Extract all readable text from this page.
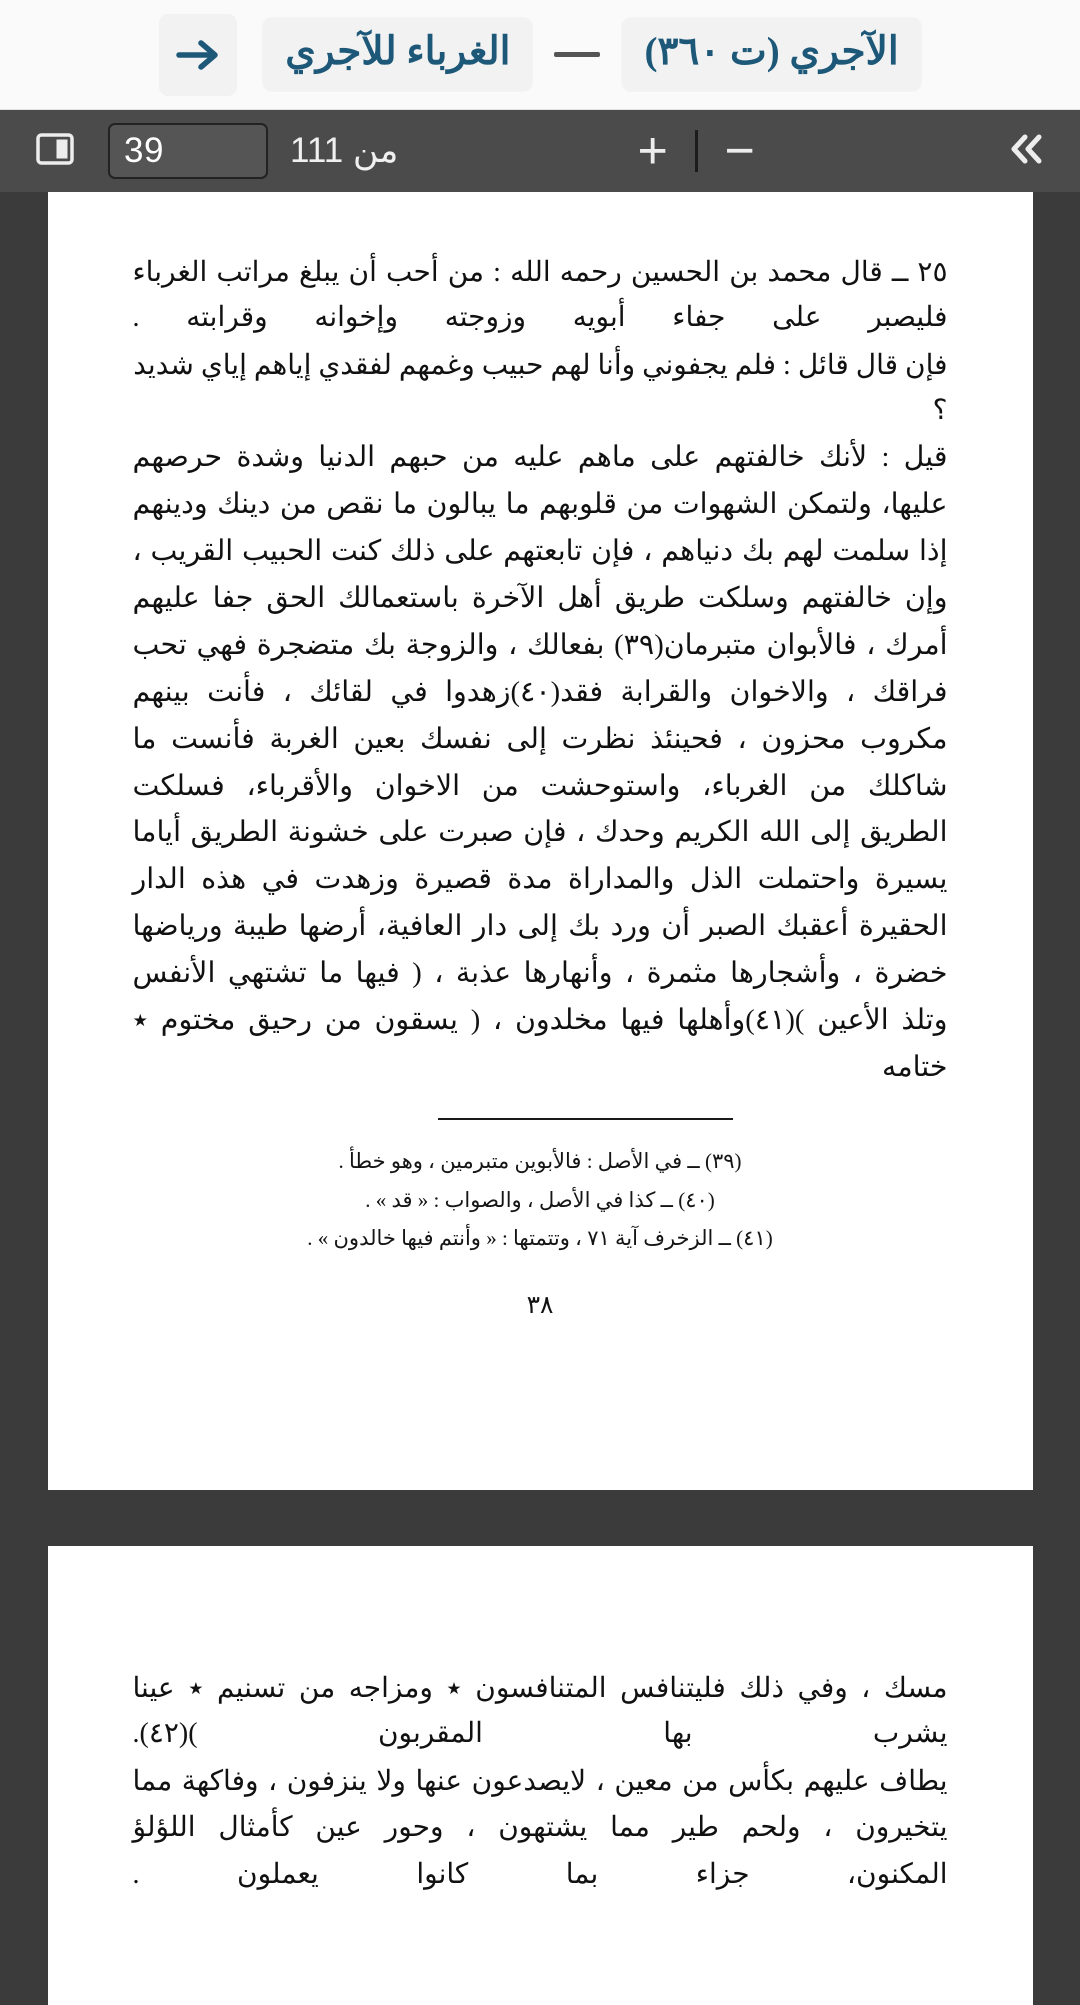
الآجري (ت ٣٦٠)
الغرباء للآجري
39	من 111	+ −
٢٥ ــ قال محمد بن الحسين رحمه الله : من أحب أن يبلغ مراتب الغرباء فليصبر على جفاء أبويه وزوجته وإخوانه وقرابته .
فإن قال قائل : فلم يجفوني وأنا لهم حبيب وغمهم لفقدي إياهم إياي شديد ؟
قيل : لأنك خالفتهم على ماهم عليه من حبهم الدنيا وشدة حرصهم عليها، ولتمكن الشهوات من قلوبهم ما يبالون ما نقص من دينك ودينهم إذا سلمت لهم بك دنياهم ، فإن تابعتهم على ذلك كنت الحبيب القريب ، وإن خالفتهم وسلكت طريق أهل الآخرة باستعمالك الحق جفا عليهم أمرك ، فالأبوان متبرمان(٣٩) بفعالك ، والزوجة بك متضجرة فهي تحب فراقك ، والاخوان والقرابة فقد(٤٠)زهدوا في لقائك ، فأنت بينهم مكروب محزون ، فحينئذ نظرت إلى نفسك بعين الغربة فأنست ما شاكلك من الغرباء، واستوحشت من الاخوان والأقرباء، فسلكت الطريق إلى الله الكريم وحدك ، فإن صبرت على خشونة الطريق أياما يسيرة واحتملت الذل والمداراة مدة قصيرة وزهدت في هذه الدار الحقيرة أعقبك الصبر أن ورد بك إلى دار العافية، أرضها طيبة ورياضها خضرة ، وأشجارها مثمرة ، وأنهارها عذبة ، ( فيها ما تشتهي الأنفس وتلذ الأعين )(٤١)وأهلها فيها مخلدون ، ( يسقون من رحيق مختوم ٭ ختامه
(٣٩) ــ في الأصل : فالأبوين متبرمين ، وهو خطأ .
(٤٠) ــ كذا في الأصل ، والصواب : « قد » .
(٤١) ــ الزخرف آية ٧١ ، وتتمتها : « وأنتم فيها خالدون » .
٣٨
مسك ، وفي ذلك فليتنافس المتنافسون ٭ ومزاجه من تسنيم ٭ عينا
يشرب بها المقربون )(٤٢).
يطاف عليهم بكأس من معين ، لايصدعون عنها ولا ينزفون ، وفاكهة مما يتخيرون ، ولحم طير مما يشتهون ، وحور عين كأمثال اللؤلؤ
المكنون، جزاء بما كانوا يعملون .
